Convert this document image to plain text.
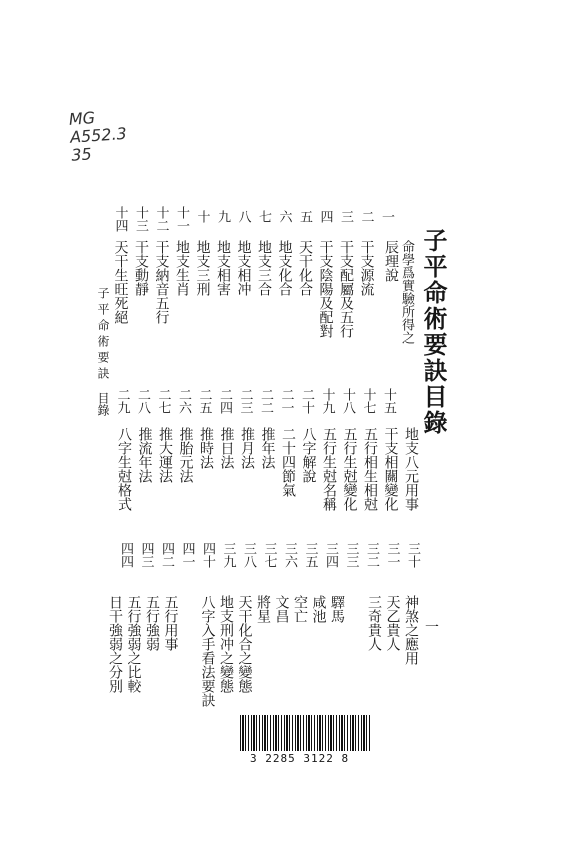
MG
A552.3
35
子平命術要訣目錄
命學爲實驗所得之
一
二
三
四
五
六
七
八
九
十
十一
十二
十三
十四
干支源流
干支配屬及五行
干支陰陽及配對
天干化合
地支化合
地支三合
地支相冲
地支相害
地支三刑
地支生肖
干支納音五行
干支動靜
天干生旺死絕	辰理說
十五
十七
十八
十九
二十
二一
二二
二三
二四
二五
二六
二七
二八
二九
地支八元用事
三十
干支相關變化
三一
五行相生相尅
三二
五行生尅變化
三三
五行生尅名稱
三四
八字解說
三五
二十四節氣
三六
推年法
三七
推月法
三八
推日法
三九
推時法
四十
推胎元法
四一
推大運法
四二
推流年法
四三
八字生尅格式
四四
神煞之應用
天乙貴人
三奇貴人
驛馬
咸池
空亡
文昌
將星
天干化合之變態
地支刑冲之變態
八字入手看法要訣
五行用事
五行強弱
五行強弱之比較
日干強弱之分別
子平命術要訣
目錄
一
3 2285 3122 8
